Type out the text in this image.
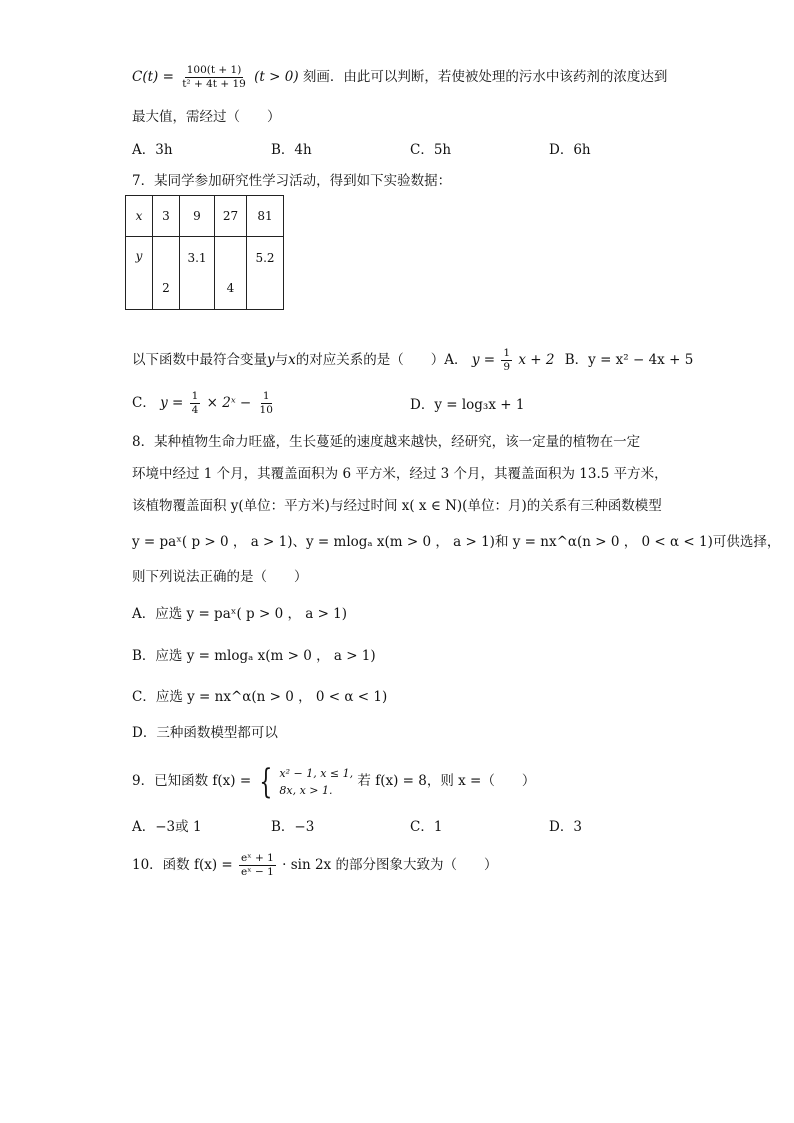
$C(t) = \frac{100(t + 1)}{\text{t² + 4t + 19}} (t > 0)$ 刻画．由此可以判断，若使被处理的污水中该药剂的浓度达到
最大值，需经过（　　）
A．3h	B．4h	C．5h	D．6h
7．某同学参加研究性学习活动，得到如下实验数据：
x	3	9	27	81
y	2	3.1	4	5.2
以下函数中最符合变量y与x的对应关系的是（　　）A． $y = \frac{1}{9}$ x + 2 B．y = x² − 4x + 5
C． $y = \frac{1}{4}$ × 2ˣ − $\frac{1}{10}$	D．y = log₃x + 1
8．某种植物生命力旺盛，生长蔓延的速度越来越快，经研究，该一定量的植物在一定
环境中经过 1 个月，其覆盖面积为 6 平方米，经过 3 个月，其覆盖面积为 13.5 平方米，
该植物覆盖面积 y(单位：平方米)与经过时间 x( x ∈ N)(单位：月)的关系有三种函数模型
y = paˣ( p > 0 ， a > 1)、y = mlogₐ x(m > 0 ， a > 1)和 y = nx^α(n > 0 ， 0 < α < 1)可供选择，
则下列说法正确的是（　　）
A．应选 y = paˣ( p > 0 ， a > 1)
B．应选 y = mlogₐ x(m > 0 ， a > 1)
C．应选 y = nx^α(n > 0 ， 0 < α < 1)
D．三种函数模型都可以
9．已知函数 f(x) = { x² − 1, x ≤ 1,
8x, x > 1.
若 f(x) = 8，则 x =（　　）
A．−3或 1	B．−3	C．1	D．3
10．函数 $f(x) = \frac{\text{eˣ + 1}}{\text{eˣ − 1}} \cdot \sin 2x$ 的部分图象大致为（　　）
